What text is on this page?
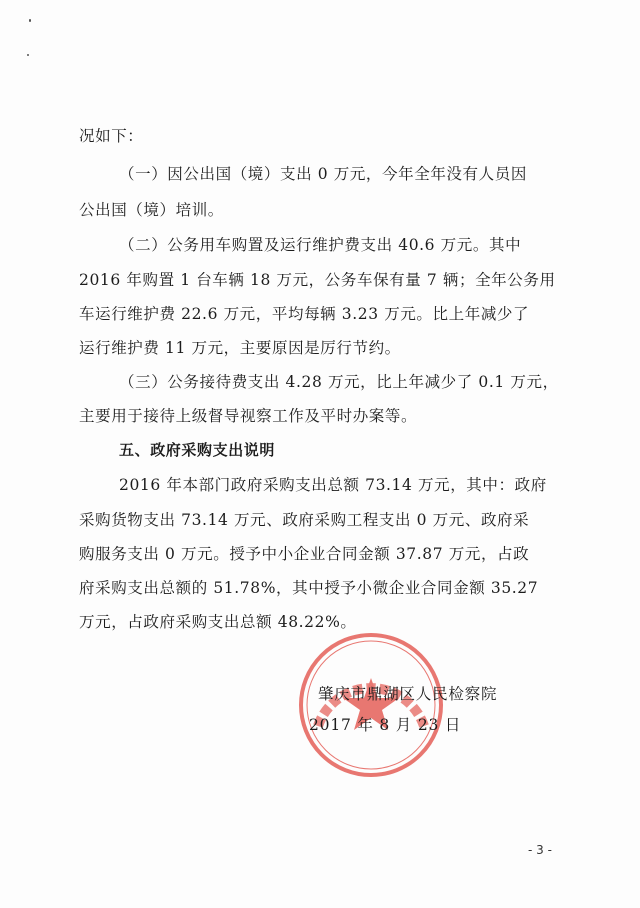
况如下：
（一）因公出国（境）支出 0 万元，今年全年没有人员因
公出国（境）培训。
（二）公务用车购置及运行维护费支出 40.6 万元。其中
2016 年购置 1 台车辆 18 万元，公务车保有量 7 辆；全年公务用
车运行维护费 22.6 万元，平均每辆 3.23 万元。比上年减少了
运行维护费 11 万元，主要原因是厉行节约。
（三）公务接待费支出 4.28 万元，比上年减少了 0.1 万元，
主要用于接待上级督导视察工作及平时办案等。
五、政府采购支出说明
2016 年本部门政府采购支出总额 73.14 万元，其中：政府
采购货物支出 73.14 万元、政府采购工程支出 0 万元、政府采
购服务支出 0 万元。授予中小企业合同金额 37.87 万元，占政
府采购支出总额的 51.78%，其中授予小微企业合同金额 35.27
万元，占政府采购支出总额 48.22%。
肇庆市鼎湖区人民检察院
2017 年 8 月 23 日
- 3 -
